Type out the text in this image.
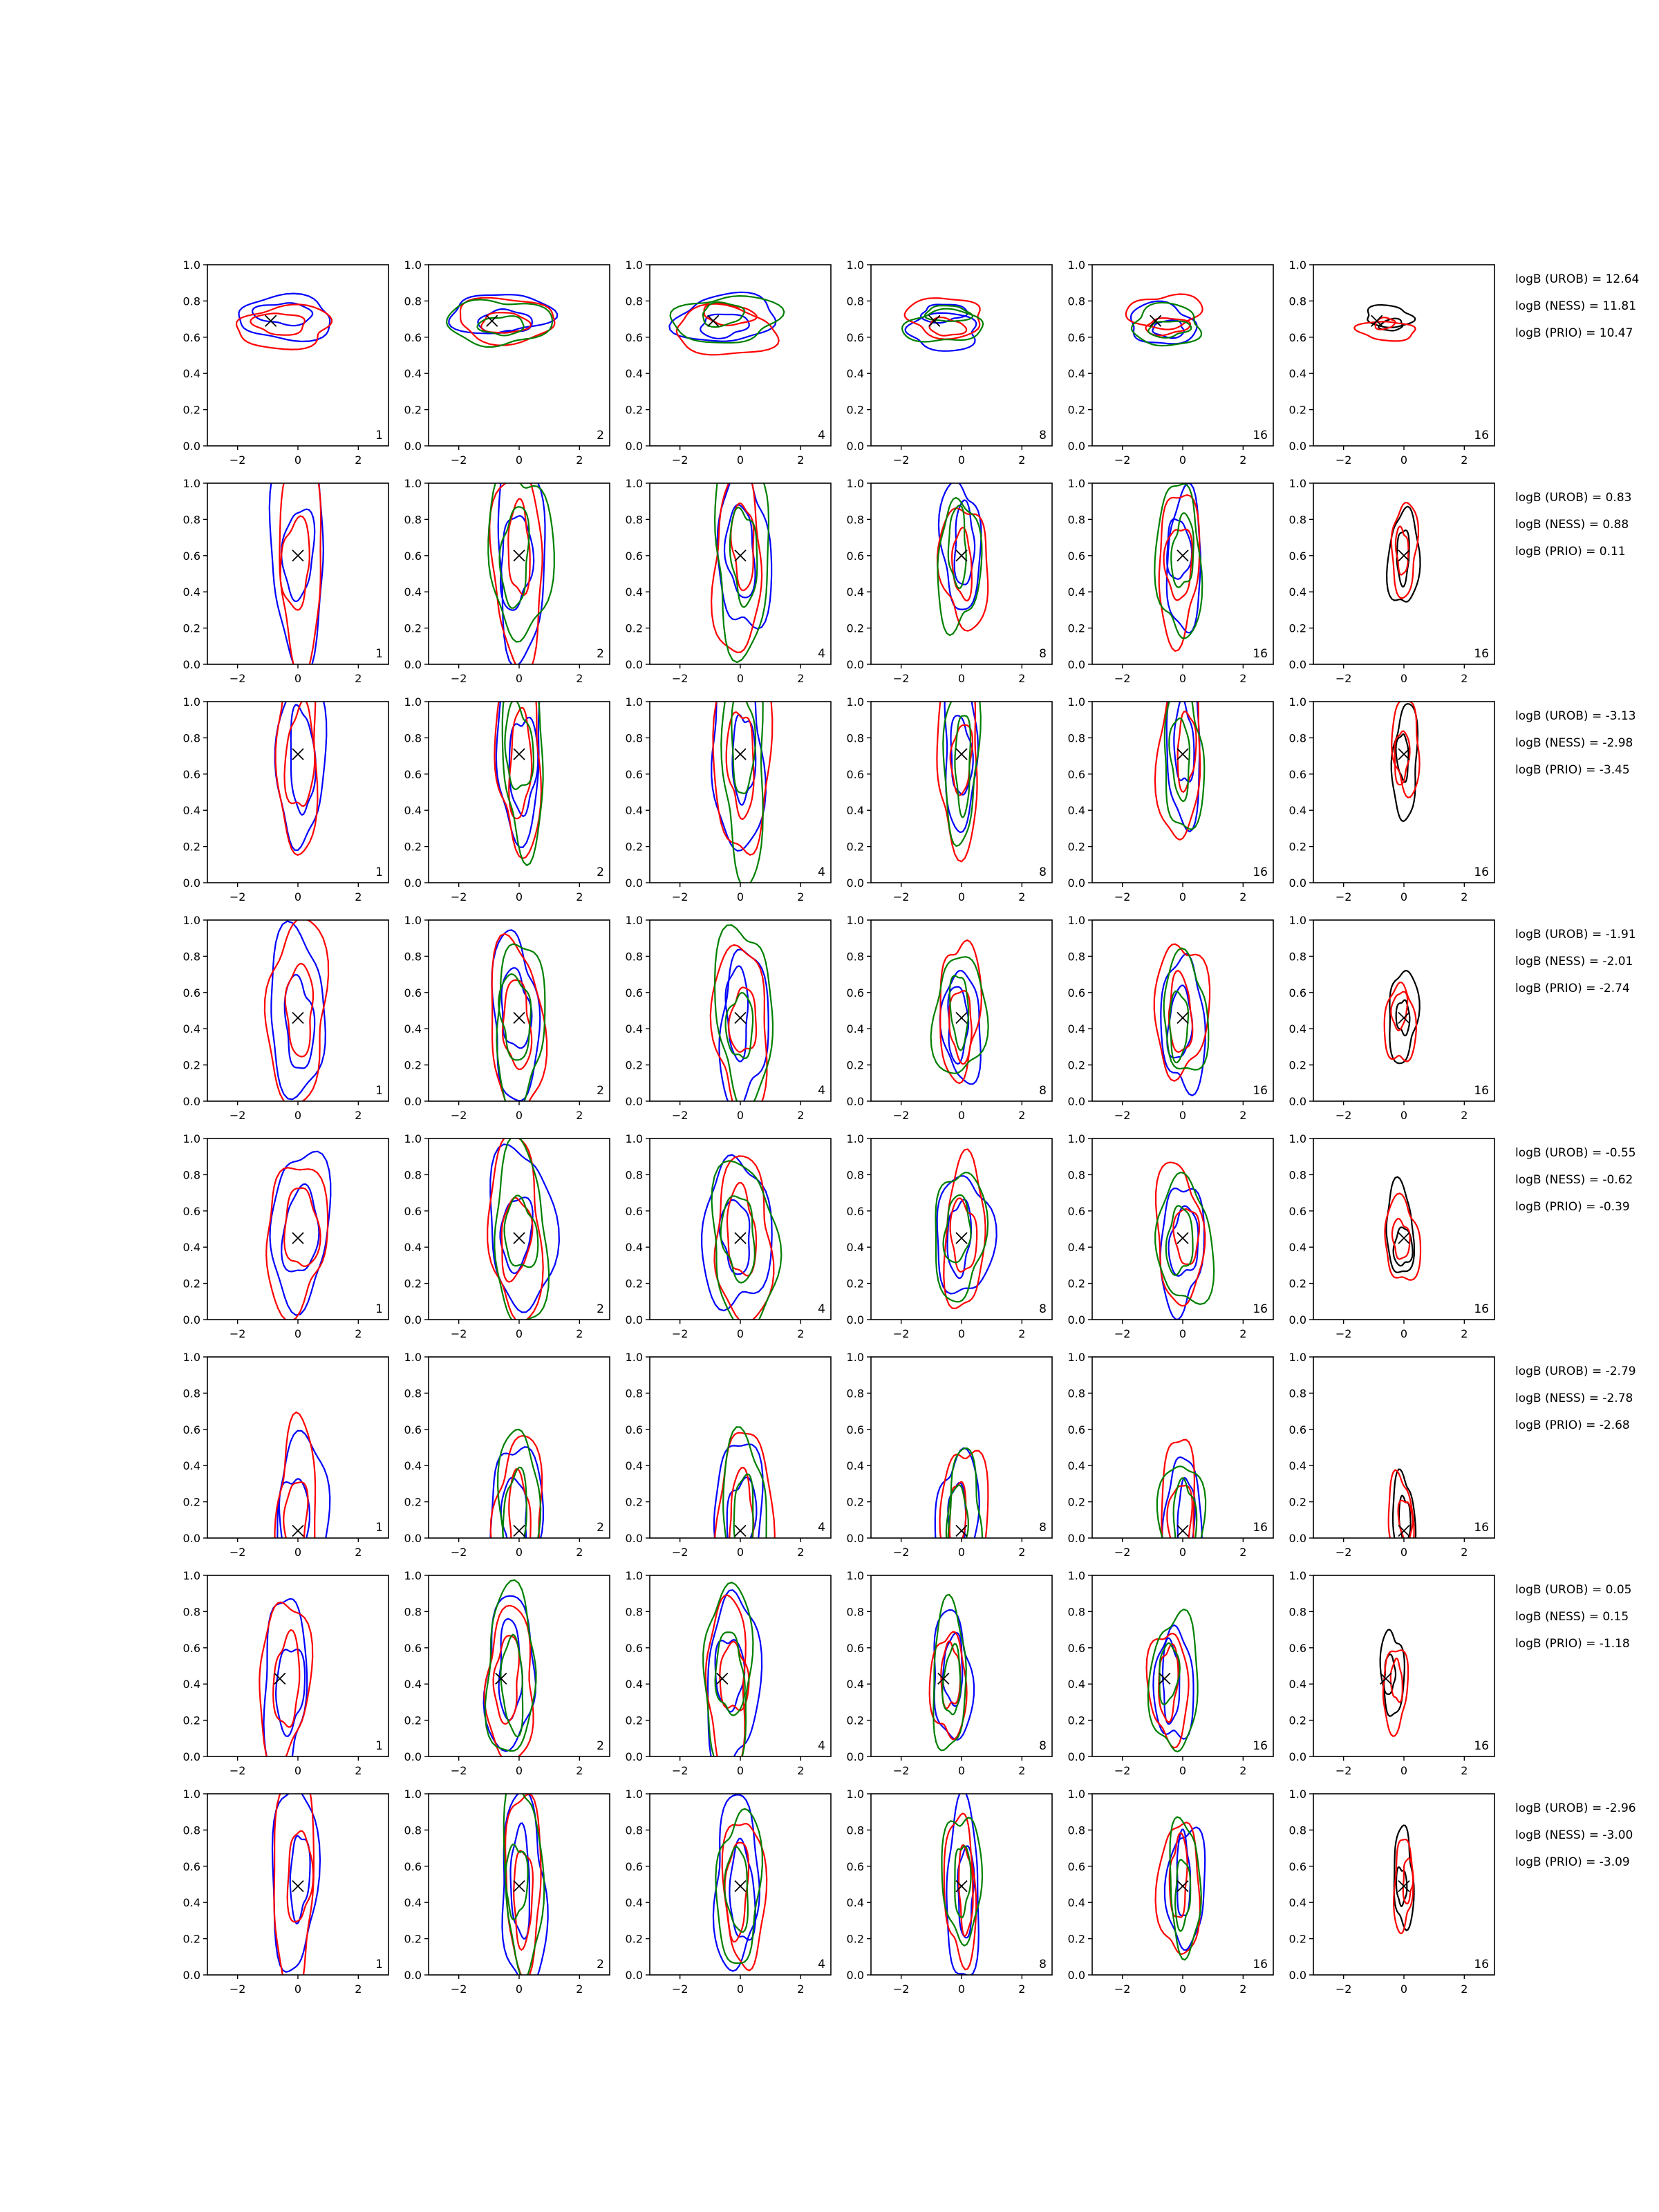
0.0
0.2
0.4
0.6
0.8
1.0
−2	0	2
1
0.0
0.2
0.4
0.6
0.8
1.0
−2	0	2
2
0.0
0.2
0.4
0.6
0.8
1.0
−2	0	2
4
0.0
0.2
0.4
0.6
0.8
1.0
−2	0	2
8
0.0
0.2
0.4
0.6
0.8
1.0
−2	0	2
16
0.0
0.2
0.4
0.6
0.8
1.0
−2	0	2
16
logB (UROB) = 12.64
logB (NESS) = 11.81
logB (PRIO) = 10.47
0.0
0.2
0.4
0.6
0.8
1.0
−2	0	2
1
0.0
0.2
0.4
0.6
0.8
1.0
−2	0	2
2
0.0
0.2
0.4
0.6
0.8
1.0
−2	0	2
4
0.0
0.2
0.4
0.6
0.8
1.0
−2	0	2
8
0.0
0.2
0.4
0.6
0.8
1.0
−2	0	2
16
0.0
0.2
0.4
0.6
0.8
1.0
−2	0	2
16
logB (UROB) = 0.83
logB (NESS) = 0.88
logB (PRIO) = 0.11
0.0
0.2
0.4
0.6
0.8
1.0
−2	0	2
1
0.0
0.2
0.4
0.6
0.8
1.0
−2	0	2
2
0.0
0.2
0.4
0.6
0.8
1.0
−2	0	2
4
0.0
0.2
0.4
0.6
0.8
1.0
−2	0	2
8
0.0
0.2
0.4
0.6
0.8
1.0
−2	0	2
16
0.0
0.2
0.4
0.6
0.8
1.0
−2	0	2
16
logB (UROB) = -3.13
logB (NESS) = -2.98
logB (PRIO) = -3.45
0.0
0.2
0.4
0.6
0.8
1.0
−2	0	2
1
0.0
0.2
0.4
0.6
0.8
1.0
−2	0	2
2
0.0
0.2
0.4
0.6
0.8
1.0
−2	0	2
4
0.0
0.2
0.4
0.6
0.8
1.0
−2	0	2
8
0.0
0.2
0.4
0.6
0.8
1.0
−2	0	2
16
0.0
0.2
0.4
0.6
0.8
1.0
−2	0	2
16
logB (UROB) = -1.91
logB (NESS) = -2.01
logB (PRIO) = -2.74
0.0
0.2
0.4
0.6
0.8
1.0
−2	0	2
1
0.0
0.2
0.4
0.6
0.8
1.0
−2	0	2
2
0.0
0.2
0.4
0.6
0.8
1.0
−2	0	2
4
0.0
0.2
0.4
0.6
0.8
1.0
−2	0	2
8
0.0
0.2
0.4
0.6
0.8
1.0
−2	0	2
16
0.0
0.2
0.4
0.6
0.8
1.0
−2	0	2
16
logB (UROB) = -0.55
logB (NESS) = -0.62
logB (PRIO) = -0.39
0.0
0.2
0.4
0.6
0.8
1.0
−2	0	2
1
0.0
0.2
0.4
0.6
0.8
1.0
−2	0	2
2
0.0
0.2
0.4
0.6
0.8
1.0
−2	0	2
4
0.0
0.2
0.4
0.6
0.8
1.0
−2	0	2
8
0.0
0.2
0.4
0.6
0.8
1.0
−2	0	2
16
0.0
0.2
0.4
0.6
0.8
1.0
−2	0	2
16
logB (UROB) = -2.79
logB (NESS) = -2.78
logB (PRIO) = -2.68
0.0
0.2
0.4
0.6
0.8
1.0
−2	0	2
1
0.0
0.2
0.4
0.6
0.8
1.0
−2	0	2
2
0.0
0.2
0.4
0.6
0.8
1.0
−2	0	2
4
0.0
0.2
0.4
0.6
0.8
1.0
−2	0	2
8
0.0
0.2
0.4
0.6
0.8
1.0
−2	0	2
16
0.0
0.2
0.4
0.6
0.8
1.0
−2	0	2
16
logB (UROB) = 0.05
logB (NESS) = 0.15
logB (PRIO) = -1.18
0.0
0.2
0.4
0.6
0.8
1.0
−2	0	2
1
0.0
0.2
0.4
0.6
0.8
1.0
−2	0	2
2
0.0
0.2
0.4
0.6
0.8
1.0
−2	0	2
4
0.0
0.2
0.4
0.6
0.8
1.0
−2	0	2
8
0.0
0.2
0.4
0.6
0.8
1.0
−2	0	2
16
0.0
0.2
0.4
0.6
0.8
1.0
−2	0	2
16
logB (UROB) = -2.96
logB (NESS) = -3.00
logB (PRIO) = -3.09
